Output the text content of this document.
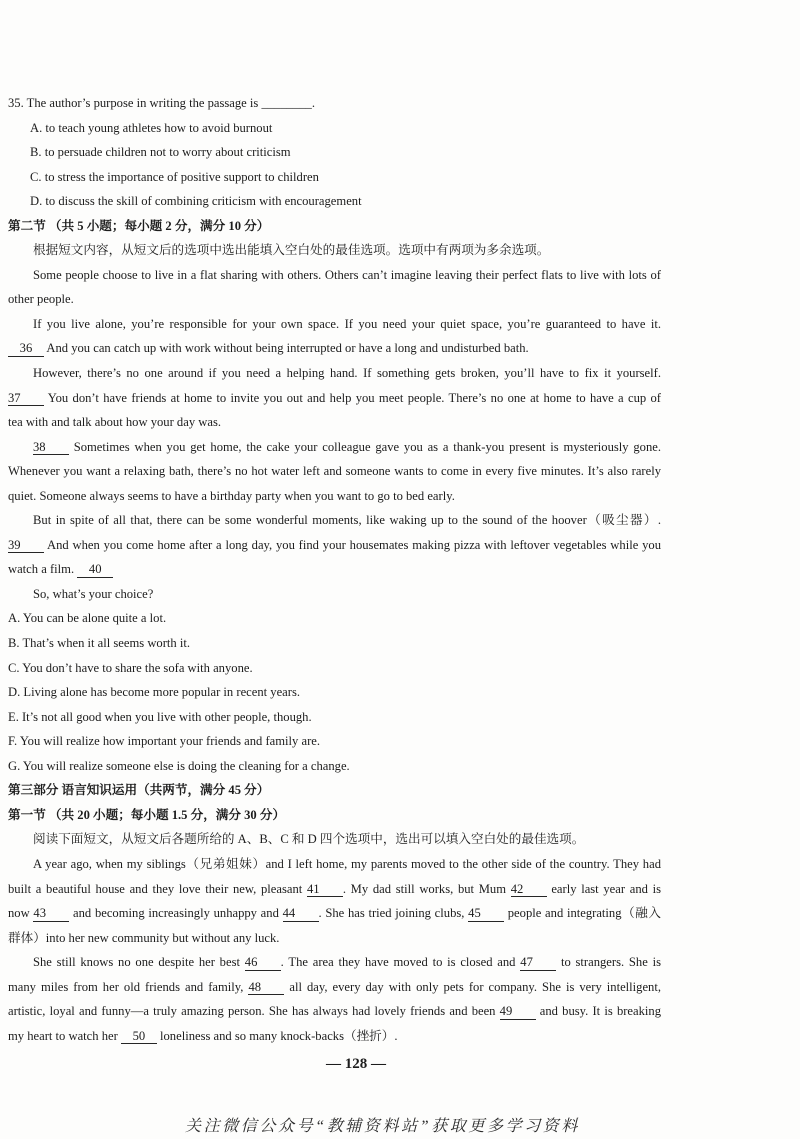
35. The author’s purpose in writing the passage is ________.
A. to teach young athletes how to avoid burnout
B. to persuade children not to worry about criticism
C. to stress the importance of positive support to children
D. to discuss the skill of combining criticism with encouragement
第二节 （共 5 小题；每小题 2 分，满分 10 分）
根据短文内容，从短文后的选项中选出能填入空白处的最佳选项。选项中有两项为多余选项。
Some people choose to live in a flat sharing with others. Others can’t imagine leaving their perfect flats to live with lots of
other people.
If you live alone, you’re responsible for your own space. If you need your quiet space, you’re guaranteed to have it.
36 And you can catch up with work without being interrupted or have a long and undisturbed bath.
However, there’s no one around if you need a helping hand. If something gets broken, you’ll have to fix it yourself.
37 You don’t have friends at home to invite you out and help you meet people. There’s no one at home to have a cup of
tea with and talk about how your day was.
38 Sometimes when you get home, the cake your colleague gave you as a thank-you present is mysteriously gone.
Whenever you want a relaxing bath, there’s no hot water left and someone wants to come in every five minutes. It’s also rarely
quiet. Someone always seems to have a birthday party when you want to go to bed early.
But in spite of all that, there can be some wonderful moments, like waking up to the sound of the hoover（吸尘器）.
39 And when you come home after a long day, you find your housemates making pizza with leftover vegetables while you
watch a film. 40
So, what’s your choice?
A. You can be alone quite a lot.
B. That’s when it all seems worth it.
C. You don’t have to share the sofa with anyone.
D. Living alone has become more popular in recent years.
E. It’s not all good when you live with other people, though.
F. You will realize how important your friends and family are.
G. You will realize someone else is doing the cleaning for a change.
第三部分 语言知识运用（共两节，满分 45 分）
第一节 （共 20 小题；每小题 1.5 分，满分 30 分）
阅读下面短文，从短文后各题所给的 A、B、C 和 D 四个选项中，选出可以填入空白处的最佳选项。
A year ago, when my siblings（兄弟姐妹）and I left home, my parents moved to the other side of the country. They had
built a beautiful house and they love their new, pleasant 41 . My dad still works, but Mum 42 early last year and is
now 43 and becoming increasingly unhappy and 44 . She has tried joining clubs, 45 people and integrating（融入
群体）into her new community but without any luck.
She still knows no one despite her best 46 . The area they have moved to is closed and 47 to strangers. She is
many miles from her old friends and family, 48 all day, every day with only pets for company. She is very intelligent,
artistic, loyal and funny—a truly amazing person. She has always had lovely friends and been 49 and busy. It is breaking
my heart to watch her 50 loneliness and so many knock-backs（挫折）.
— 128 —
关注微信公众号“教辅资料站”获取更多学习资料
